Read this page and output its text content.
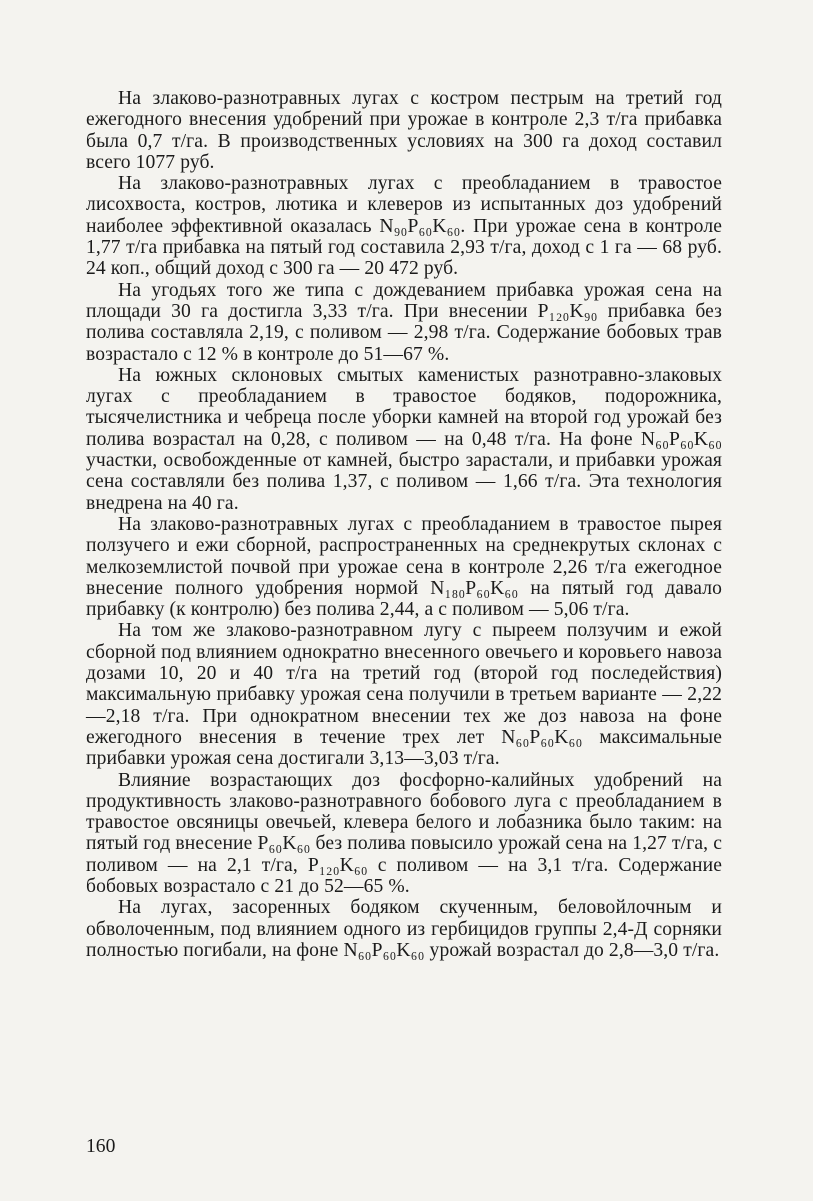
На злаково-разнотравных лугах с костром пестрым на третий год ежегодного внесения удобрений при урожае в контроле 2,3 т/га прибавка была 0,7 т/га. В производственных условиях на 300 га доход составил всего 1077 руб.

На злаково-разнотравных лугах с преобладанием в травостое лисохвоста, костров, лютика и клеверов из испытанных доз удобрений наиболее эффективной оказалась N₉₀P₆₀K₆₀. При урожае сена в контроле 1,77 т/га прибавка на пятый год составила 2,93 т/га, доход с 1 га — 68 руб. 24 коп., общий доход с 300 га — 20 472 руб.

На угодьях того же типа с дождеванием прибавка урожая сена на площади 30 га достигла 3,33 т/га. При внесении P₁₂₀K₉₀ прибавка без полива составляла 2,19, с поливом — 2,98 т/га. Содержание бобовых трав возрастало с 12 % в контроле до 51—67 %.

На южных склоновых смытых каменистых разнотравно-злаковых лугах с преобладанием в травостое бодяков, подорожника, тысячелистника и чебреца после уборки камней на второй год урожай без полива возрастал на 0,28, с поливом — на 0,48 т/га. На фоне N₆₀P₆₀K₆₀ участки, освобожденные от камней, быстро зарастали, и прибавки урожая сена составляли без полива 1,37, с поливом — 1,66 т/га. Эта технология внедрена на 40 га.

На злаково-разнотравных лугах с преобладанием в травостое пырея ползучего и ежи сборной, распространенных на среднекрутых склонах с мелкоземлистой почвой при урожае сена в контроле 2,26 т/га ежегодное внесение полного удобрения нормой N₁₈₀P₆₀K₆₀ на пятый год давало прибавку (к контролю) без полива 2,44, а с поливом — 5,06 т/га.

На том же злаково-разнотравном лугу с пыреем ползучим и ежой сборной под влиянием однократно внесенного овечьего и коровьего навоза дозами 10, 20 и 40 т/га на третий год (второй год последействия) максимальную прибавку урожая сена получили в третьем варианте — 2,22—2,18 т/га. При однократном внесении тех же доз навоза на фоне ежегодного внесения в течение трех лет N₆₀P₆₀K₆₀ максимальные прибавки урожая сена достигали 3,13—3,03 т/га.

Влияние возрастающих доз фосфорно-калийных удобрений на продуктивность злаково-разнотравного бобового луга с преобладанием в травостое овсяницы овечьей, клевера белого и лобазника было таким: на пятый год внесение P₆₀K₆₀ без полива повысило урожай сена на 1,27 т/га, с поливом — на 2,1 т/га, P₁₂₀K₆₀ с поливом — на 3,1 т/га. Содержание бобовых возрастало с 21 до 52—65 %.

На лугах, засоренных бодяком скученным, беловойлочным и обволоченным, под влиянием одного из гербицидов группы 2,4-Д сорняки полностью погибали, на фоне N₆₀P₆₀K₆₀ урожай возрастал до 2,8—3,0 т/га.

160
